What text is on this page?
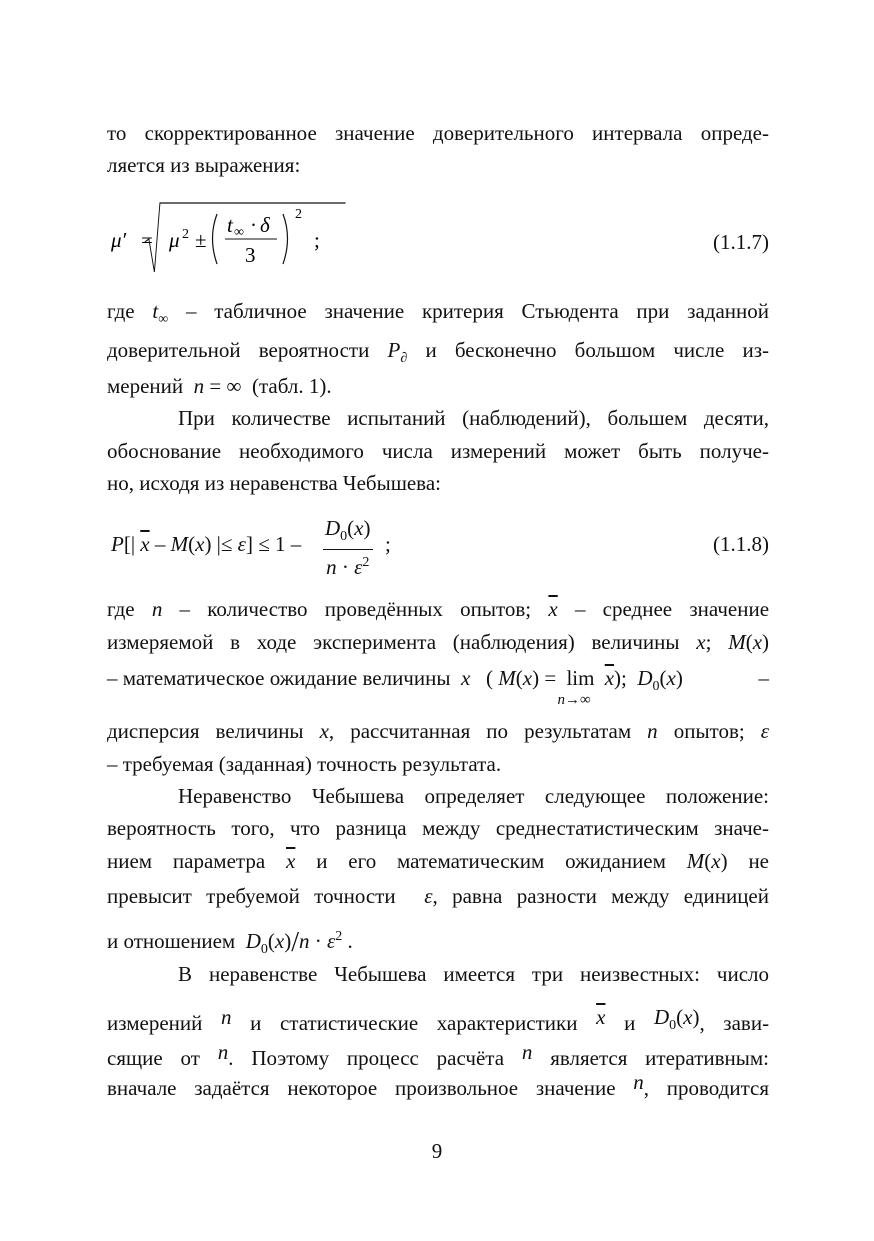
то скорректированное значение доверительного интервала опреде-
ляется из выражения:
μ′ = μ 2 ±
t ∞ · δ
3
2
;	(1.1.7)
где $t_\infty$ – табличное значение критерия Стьюдента при заданной
доверительной вероятности $P_\partial$ и бесконечно большом числе из-
мерений  n = ∞ (табл. 1).
При количестве испытаний (наблюдений), большем десяти,
обоснование необходимого числа измерений может быть получе-
но, исходя из неравенства Чебышева:
P[| $\overline{x} - M(x)$ |≤ $\varepsilon] \le 1 - \frac{D_0(x)}{n \cdot \varepsilon^2}$ ;	(1.1.8)
где n – количество проведённых опытов; $\overline{x}$ – среднее значение
измеряемой в ходе эксперимента (наблюдения) величины x; M(x)
– математическое ожидание величины  x   ( M(x) = lim
n→∞
$\overline{x}$);  $D_0(x)$	–
дисперсия величины x, рассчитанная по результатам n опытов; ε
– требуемая (заданная) точность результата.
Неравенство Чебышева определяет следующее положение:
вероятность того, что разница между среднестатистическим значе-
нием параметра $\overline{x}$ и его математическим ожиданием M(x) не
превысит требуемой точности  ε, равна разности между единицей
и отношением  $D_0(x)/n \cdot \varepsilon^2$ .
В неравенстве Чебышева имеется три неизвестных: число
измерений n и статистические характеристики $\overline{x}$ и $D_0(x)$, зави-
сящие от n. Поэтому процесс расчёта n является итеративным:
вначале задаётся некоторое произвольное значение n, проводится
9
